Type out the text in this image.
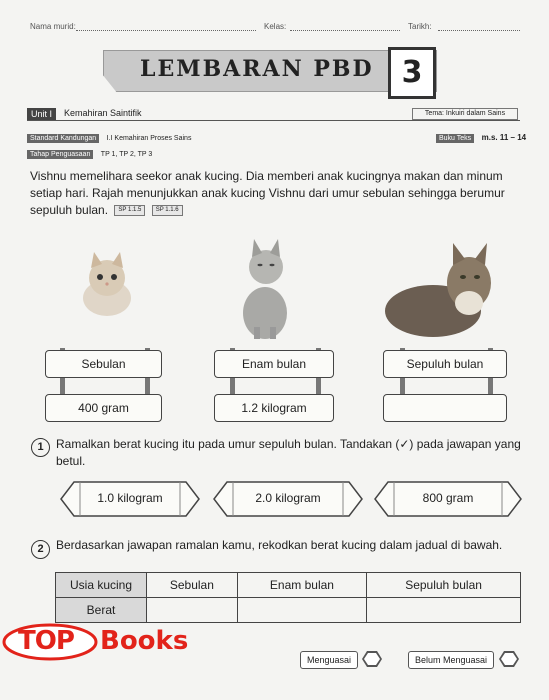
Nama murid:	Kelas:	Tarikh:
LEMBARAN PBD 3
Unit I	Kemahiran Saintifik	Tema: Inkuiri dalam Sains
Standard Kandungan I.I Kemahiran Proses Sains	Buku Teks m.s. 11 – 14
Tahap Penguasaan TP 1, TP 2, TP 3
Vishnu memelihara seekor anak kucing. Dia memberi anak kucingnya makan dan minum setiap hari. Rajah menunjukkan anak kucing Vishnu dari umur sebulan sehingga berumur sepuluh bulan. SP 1.1.5 SP 1.1.6
Sebulan
400 gram
Enam bulan
1.2 kilogram
Sepuluh bulan
1	Ramalkan berat kucing itu pada umur sepuluh bulan. Tandakan (✓) pada jawapan yang betul.
1.0 kilogram	2.0 kilogram	800 gram
2	Berdasarkan jawapan ramalan kamu, rekodkan berat kucing dalam jadual di bawah.
Usia kucing	Sebulan	Enam bulan	Sepuluh bulan
Berat			
Menguasai	Belum Menguasai
TOP Books
